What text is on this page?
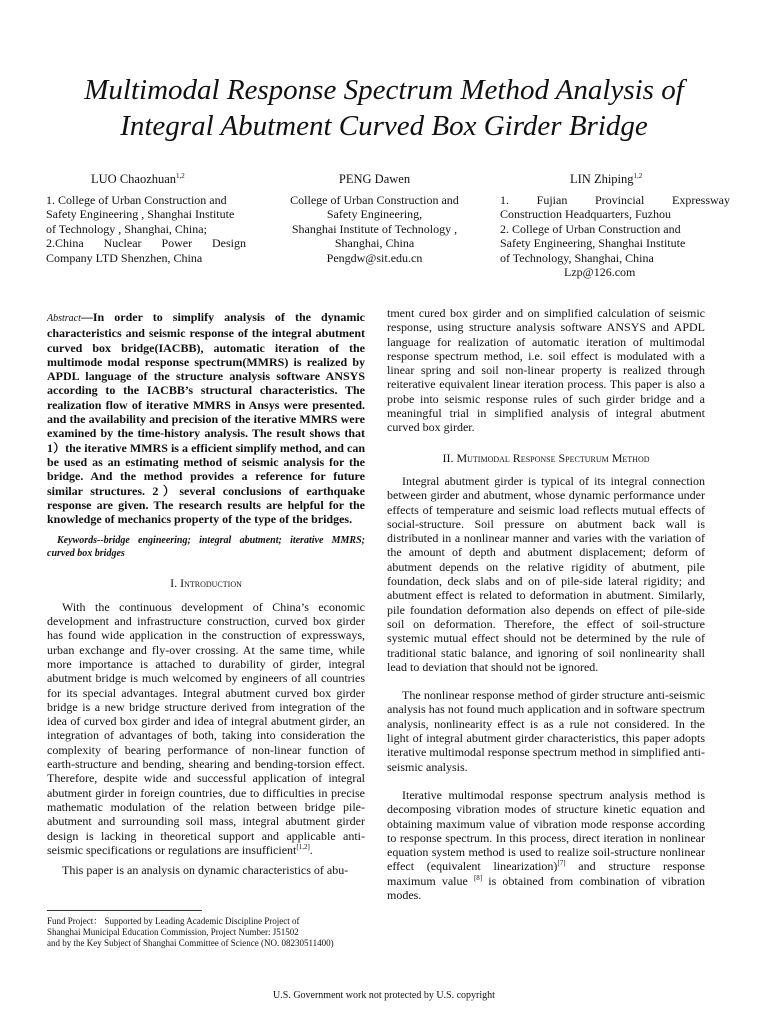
Multimodal Response Spectrum Method Analysis of
Integral Abutment Curved Box Girder Bridge
LUO Chaozhuan$^{1,2}$
1. College of Urban Construction and
Safety Engineering , Shanghai Institute
of Technology , Shanghai, China;
2.China Nuclear Power Design
Company LTD Shenzhen, China
PENG Dawen
College of Urban Construction and
Safety Engineering,
Shanghai Institute of Technology ,
Shanghai, China
Pengdw@sit.edu.cn
LIN Zhiping$^{1,2}$
1. Fujian Provincial Expressway
Construction Headquarters, Fuzhou
2. College of Urban Construction and
Safety Engineering, Shanghai Institute
of Technology, Shanghai, China
Lzp@126.com

Abstract—In order to simplify analysis of the dynamic characteristics and seismic response of the integral abutment curved box bridge(IACBB), automatic iteration of the multimode modal response spectrum(MMRS) is realized by APDL language of the structure analysis software ANSYS according to the IACBB’s structural characteristics. The realization flow of iterative MMRS in Ansys were presented. and the availability and precision of the iterative MMRS were examined by the time-history analysis. The result shows that 1）the iterative MMRS is a efficient simplify method, and can be used as an estimating method of seismic analysis for the bridge. And the method provides a reference for future similar structures. 2）several conclusions of earthquake response are given. The research results are helpful for the knowledge of mechanics property of the type of the bridges.

Keywords--bridge engineering; integral abutment; iterative MMRS; curved box bridges

I. Introduction

With the continuous development of China’s economic development and infrastructure construction, curved box girder has found wide application in the construction of expressways, urban exchange and fly-over crossing. At the same time, while more importance is attached to durability of girder, integral abutment bridge is much welcomed by engineers of all countries for its special advantages. Integral abutment curved box girder bridge is a new bridge structure derived from integration of the idea of curved box girder and idea of integral abutment girder, an integration of advantages of both, taking into consideration the complexity of bearing performance of non-linear function of earth-structure and bending, shearing and bending-torsion effect. Therefore, despite wide and successful application of integral abutment girder in foreign countries, due to difficulties in precise mathematic modulation of the relation between bridge pile-abutment and surrounding soil mass, integral abutment girder design is lacking in theoretical support and applicable anti-seismic specifications or regulations are insufficient[1,2].

This paper is an analysis on dynamic characteristics of abu-

tment cured box girder and on simplified calculation of seismic response, using structure analysis software ANSYS and APDL language for realization of automatic iteration of multimodal response spectrum method, i.e. soil effect is modulated with a linear spring and soil non-linear property is realized through reiterative equivalent linear iteration process. This paper is also a probe into seismic response rules of such girder bridge and a meaningful trial in simplified analysis of integral abutment curved box girder.

II. Mutimodal Response Specturum Method

Integral abutment girder is typical of its integral connection between girder and abutment, whose dynamic performance under effects of temperature and seismic load reflects mutual effects of social-structure. Soil pressure on abutment back wall is distributed in a nonlinear manner and varies with the variation of the amount of depth and abutment displacement; deform of abutment depends on the relative rigidity of abutment, pile foundation, deck slabs and on of pile-side lateral rigidity; and abutment effect is related to deformation in abutment. Similarly, pile foundation deformation also depends on effect of pile-side soil on deformation. Therefore, the effect of soil-structure systemic mutual effect should not be determined by the rule of traditional static balance, and ignoring of soil nonlinearity shall lead to deviation that should not be ignored.

The nonlinear response method of girder structure anti-seismic analysis has not found much application and in software spectrum analysis, nonlinearity effect is as a rule not considered. In the light of integral abutment girder characteristics, this paper adopts iterative multimodal response spectrum method in simplified anti-seismic analysis.

Iterative multimodal response spectrum analysis method is decomposing vibration modes of structure kinetic equation and obtaining maximum value of vibration mode response according to response spectrum. In this process, direct iteration in nonlinear equation system method is used to realize soil-structure nonlinear effect (equivalent linearization)[7] and structure response maximum value [8] is obtained from combination of vibration modes.

Fund Project： Supported by Leading Academic Discipline Project of
Shanghai Municipal Education Commission, Project Number: J51502
and by the Key Subject of Shanghai Committee of Science (NO. 08230511400)
U.S. Government work not protected by U.S. copyright
